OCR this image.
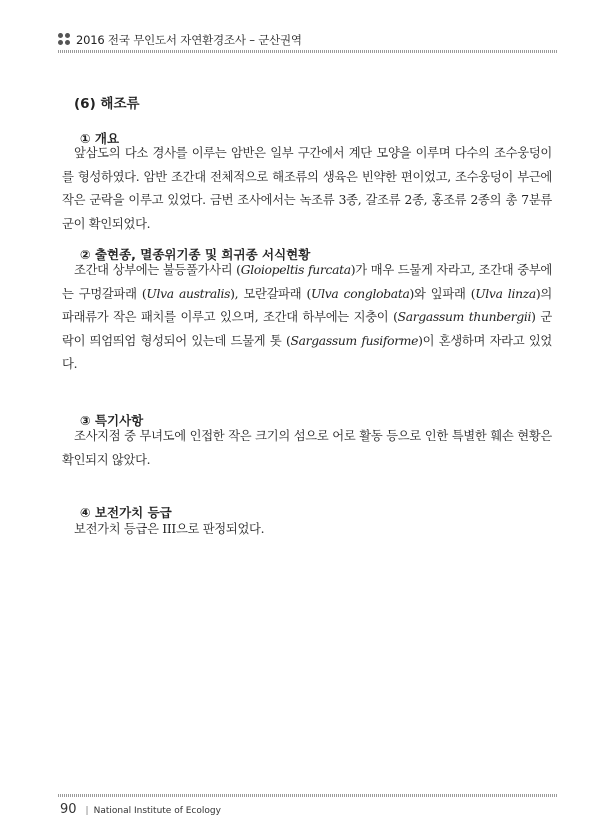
2016 전국 무인도서 자연환경조사 – 군산권역
(6) 해조류
① 개요
앞삼도의 다소 경사를 이루는 암반은 일부 구간에서 계단 모양을 이루며 다수의 조수웅덩이를 형성하였다. 암반 조간대 전체적으로 해조류의 생육은 빈약한 편이었고, 조수웅덩이 부근에 작은 군락을 이루고 있었다. 금번 조사에서는 녹조류 3종, 갈조류 2종, 홍조류 2종의 총 7분류군이 확인되었다.
② 출현종, 멸종위기종 및 희귀종 서식현황
조간대 상부에는 불등풀가사리 (Gloiopeltis furcata)가 매우 드물게 자라고, 조간대 중부에는 구멍갈파래 (Ulva australis), 모란갈파래 (Ulva conglobata)와 잎파래 (Ulva linza)의 파래류가 작은 패치를 이루고 있으며, 조간대 하부에는 지충이 (Sargassum thunbergii) 군락이 띄엄띄엄 형성되어 있는데 드물게 톳 (Sargassum fusiforme)이 혼생하며 자라고 있었다.
③ 특기사항
조사지점 중 무녀도에 인접한 작은 크기의 섬으로 어로 활동 등으로 인한 특별한 훼손 현황은 확인되지 않았다.
④ 보전가치 등급
보전가치 등급은 III으로 판정되었다.
90 | National Institute of Ecology
